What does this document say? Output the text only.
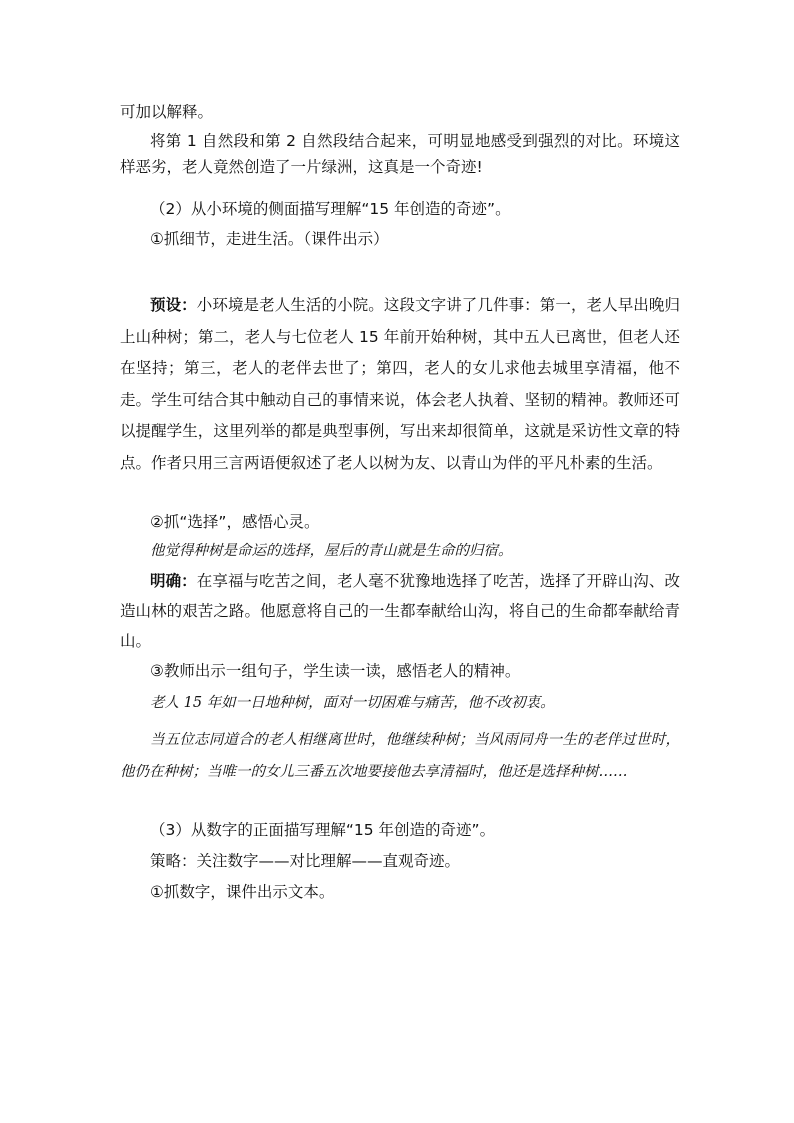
可加以解释。

将第 1 自然段和第 2 自然段结合起来，可明显地感受到强烈的对比。环境这样恶劣，老人竟然创造了一片绿洲，这真是一个奇迹!

（2）从小环境的侧面描写理解“15 年创造的奇迹”。

①抓细节，走进生活。（课件出示）

预设：小环境是老人生活的小院。这段文字讲了几件事：第一，老人早出晚归上山种树；第二，老人与七位老人 15 年前开始种树，其中五人已离世，但老人还在坚持；第三，老人的老伴去世了；第四，老人的女儿求他去城里享清福，他不走。学生可结合其中触动自己的事情来说，体会老人执着、坚韧的精神。教师还可以提醒学生，这里列举的都是典型事例，写出来却很简单，这就是采访性文章的特点。作者只用三言两语便叙述了老人以树为友、以青山为伴的平凡朴素的生活。

②抓“选择”，感悟心灵。

他觉得种树是命运的选择，屋后的青山就是生命的归宿。

明确：在享福与吃苦之间，老人毫不犹豫地选择了吃苦，选择了开辟山沟、改造山林的艰苦之路。他愿意将自己的一生都奉献给山沟，将自己的生命都奉献给青山。

③教师出示一组句子，学生读一读，感悟老人的精神。

老人 15 年如一日地种树，面对一切困难与痛苦，他不改初衷。

当五位志同道合的老人相继离世时，他继续种树；当风雨同舟一生的老伴过世时，他仍在种树；当唯一的女儿三番五次地要接他去享清福时，他还是选择种树……

（3）从数字的正面描写理解“15 年创造的奇迹”。

策略：关注数字——对比理解——直观奇迹。

①抓数字，课件出示文本。
